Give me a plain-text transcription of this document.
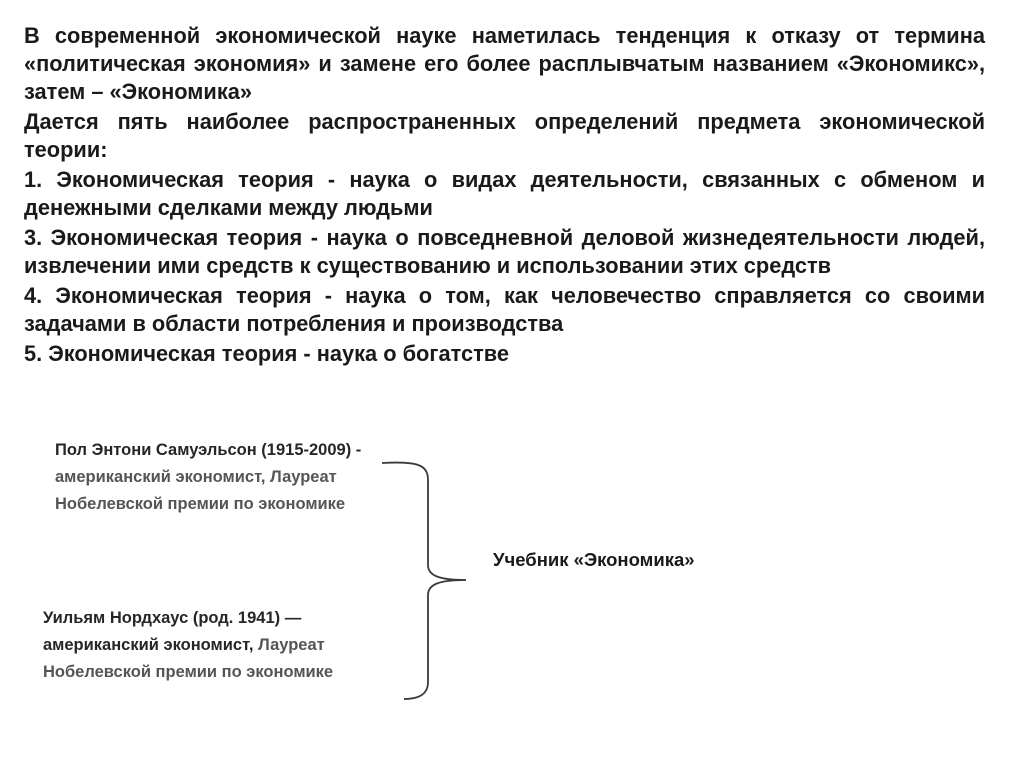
В современной экономической науке наметилась тенденция к отказу от термина «политическая экономия» и замене его более расплывчатым названием «Экономикс», затем – «Экономика»

Дается пять наиболее распространенных определений предмета экономической теории:

1. Экономическая теория - наука о видах деятельности, связанных с обменом и денежными сделками между людьми

3. Экономическая теория - наука о повседневной деловой жизнедеятельности людей, извлечении ими средств к существованию и использовании этих средств

4. Экономическая теория - наука о том, как человечество справляется со своими задачами в области потребления и производства

5. Экономическая теория - наука о богатстве

Пол Энтони Самуэльсон (1915-2009) - американский экономист, Лауреат Нобелевской премии по экономике
Уильям Нордхаус (род. 1941) — американский экономист, Лауреат Нобелевской премии по экономике
Учебник «Экономика»
